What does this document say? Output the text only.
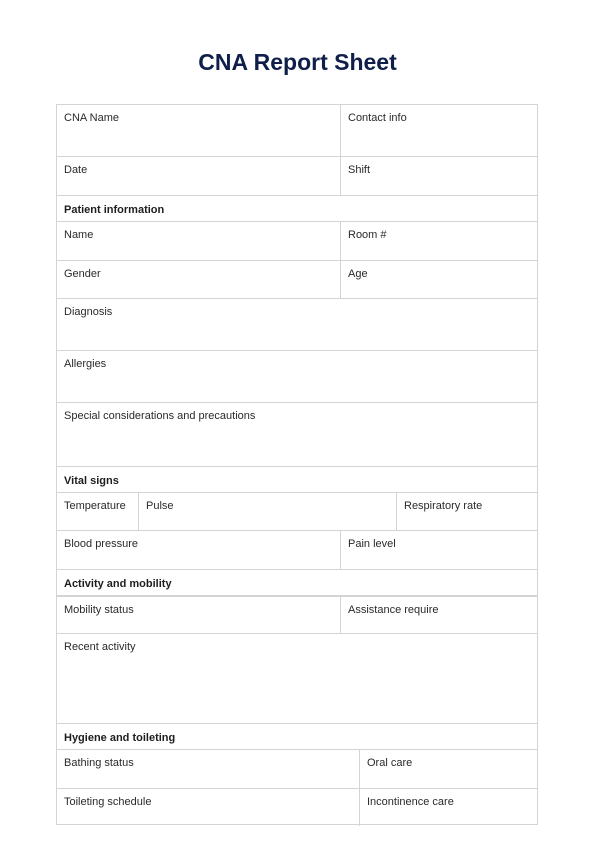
CNA Report Sheet
CNA Name	Contact info
Date	Shift
Patient information
Name	Room #
Gender	Age
Diagnosis
Allergies
Special considerations and precautions
Vital signs
Temperature	Pulse	Respiratory rate
Blood pressure	Pain level
Activity and mobility
Mobility status	Assistance require
Recent activity
Hygiene and toileting
Bathing status	Oral care
Toileting schedule	Incontinence care
